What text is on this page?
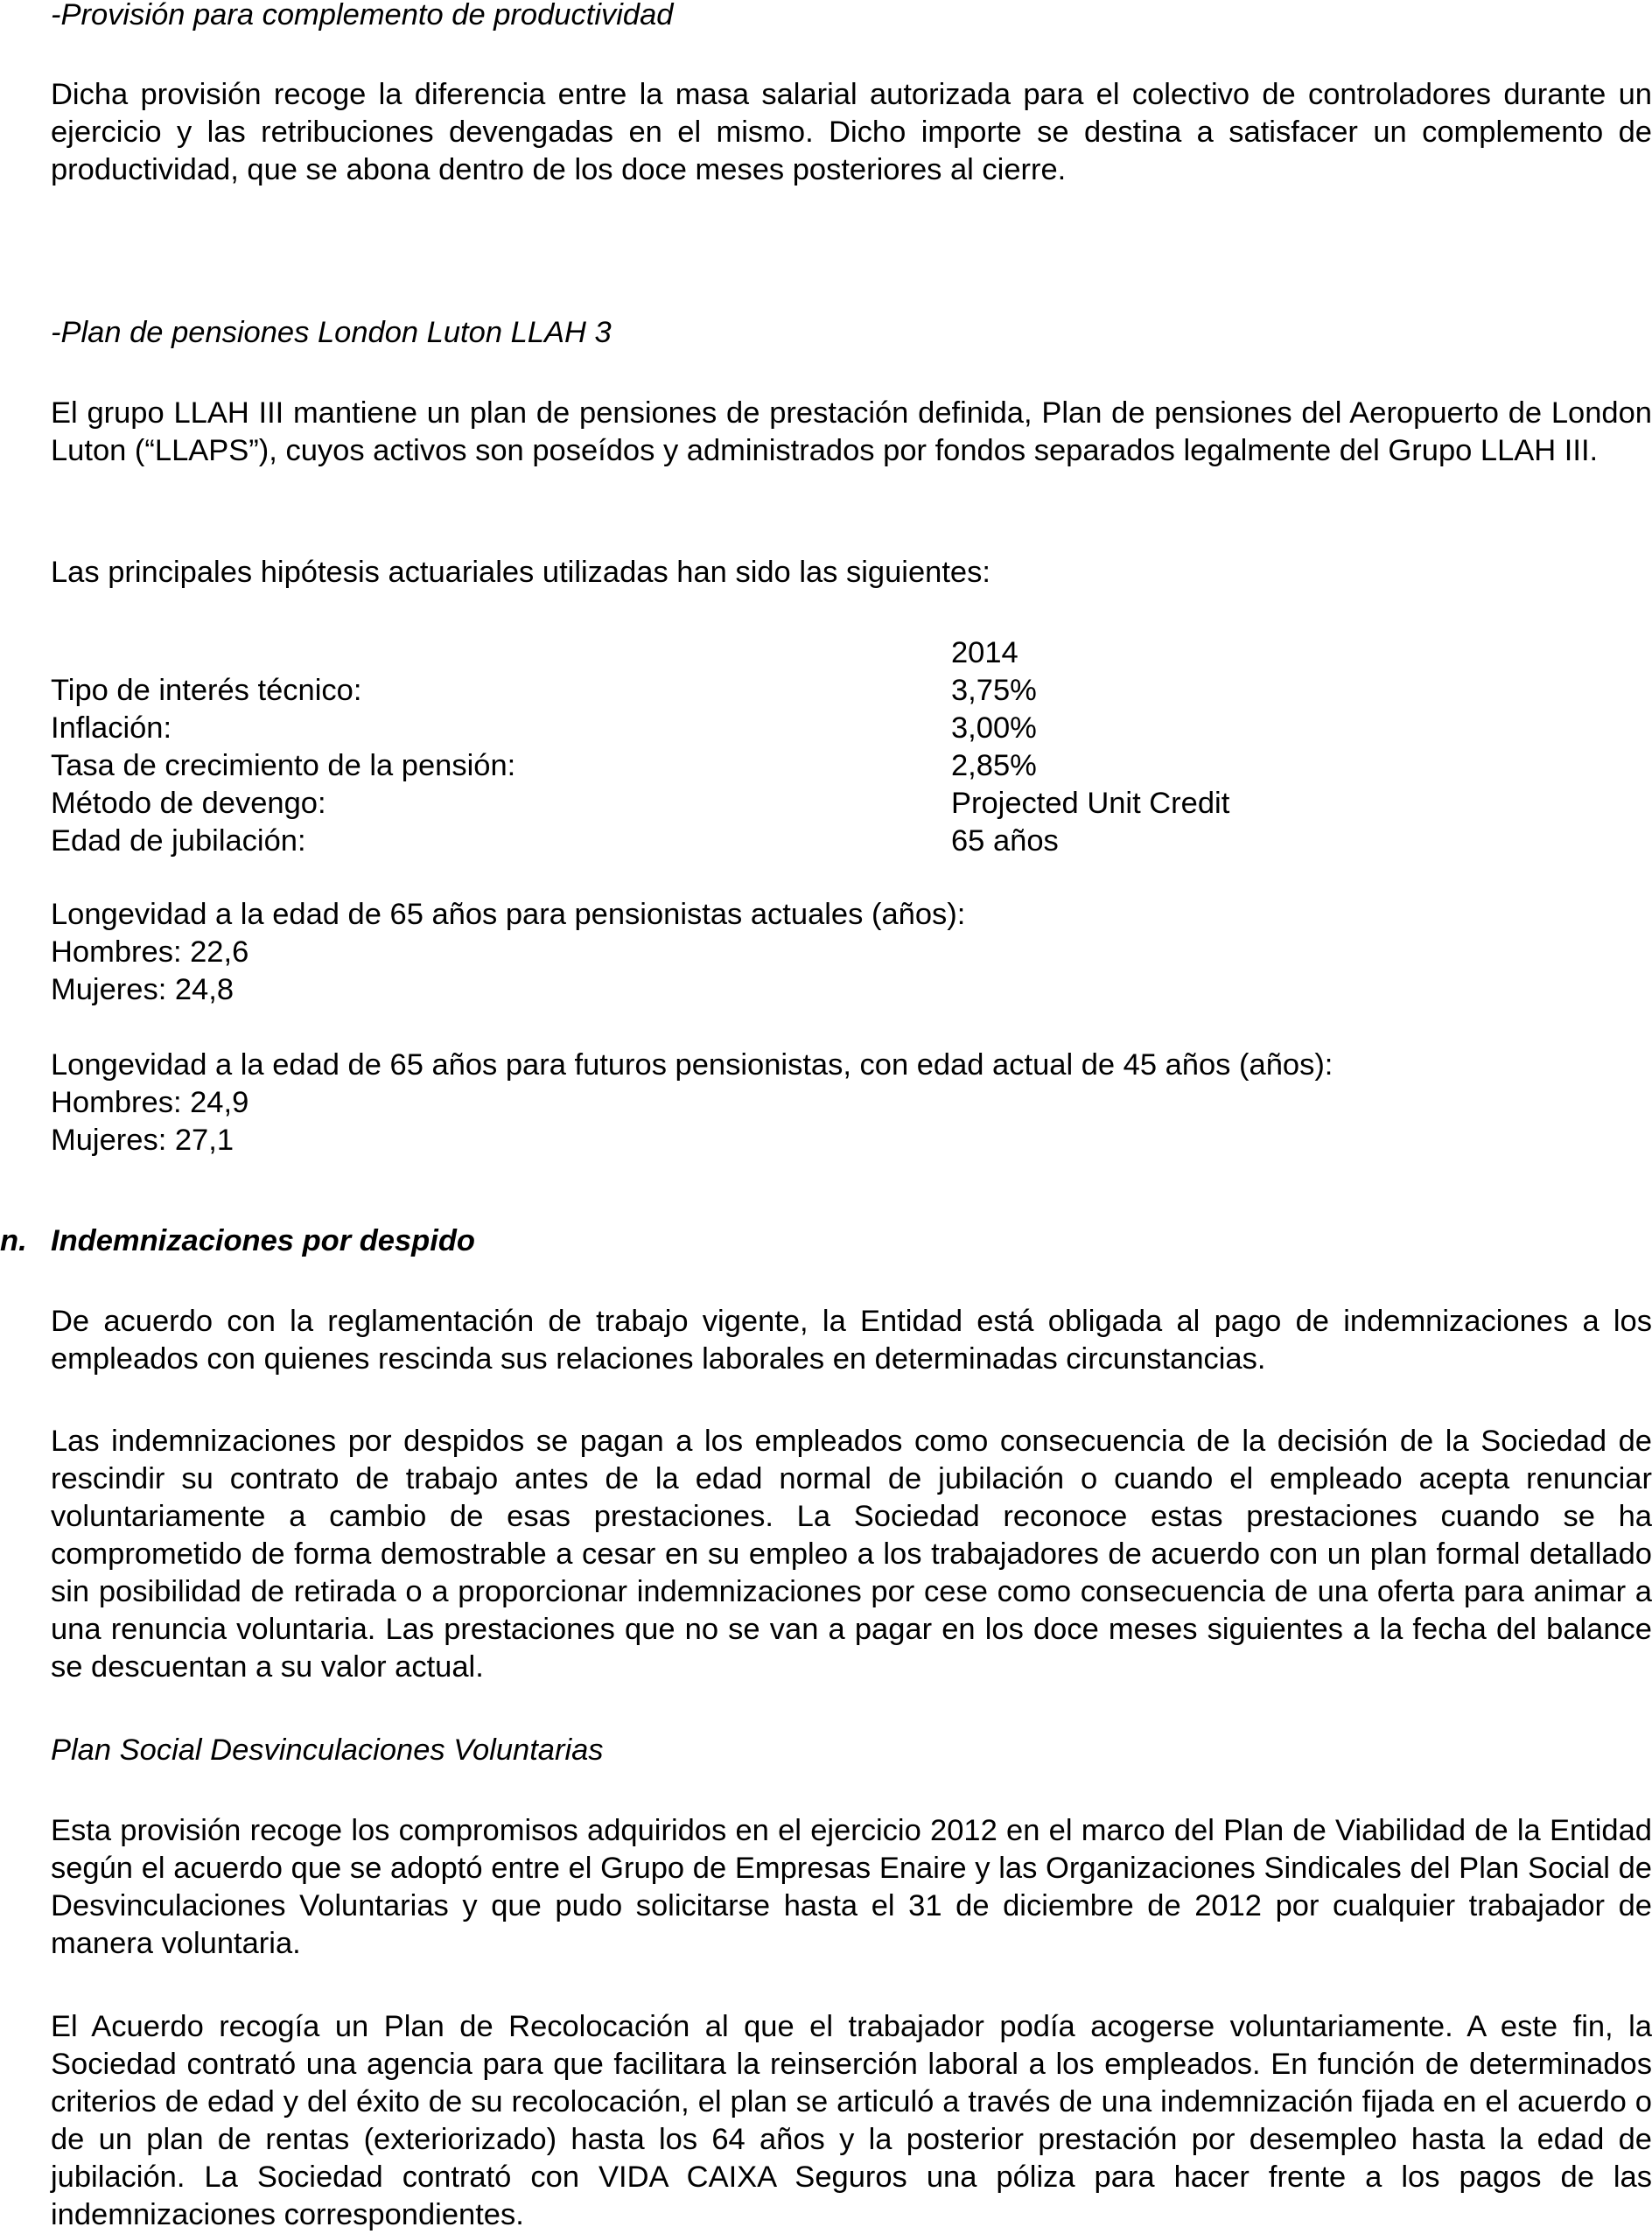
-Provisión para complemento de productividad

Dicha provisión recoge la diferencia entre la masa salarial autorizada para el colectivo de controladores durante un ejercicio y las retribuciones devengadas en el mismo. Dicho importe se destina a satisfacer un complemento de productividad, que se abona dentro de los doce meses posteriores al cierre.

-Plan de pensiones London Luton LLAH 3

El grupo LLAH III mantiene un plan de pensiones de prestación definida, Plan de pensiones del Aeropuerto de London Luton (“LLAPS”), cuyos activos son poseídos y administrados por fondos separados legalmente del Grupo LLAH III.

Las principales hipótesis actuariales utilizadas han sido las siguientes:

2014
Tipo de interés técnico:	3,75%
Inflación:	3,00%
Tasa de crecimiento de la pensión:	2,85%
Método de devengo:	Projected Unit Credit
Edad de jubilación:	65 años
Longevidad a la edad de 65 años para pensionistas actuales (años):
Hombres: 22,6
Mujeres: 24,8
Longevidad a la edad de 65 años para futuros pensionistas, con edad actual de 45 años (años):
Hombres: 24,9
Mujeres: 27,1
n. Indemnizaciones por despido

De acuerdo con la reglamentación de trabajo vigente, la Entidad está obligada al pago de indemnizaciones a los empleados con quienes rescinda sus relaciones laborales en determinadas circunstancias.

Las indemnizaciones por despidos se pagan a los empleados como consecuencia de la decisión de la Sociedad de rescindir su contrato de trabajo antes de la edad normal de jubilación o cuando el empleado acepta renunciar voluntariamente a cambio de esas prestaciones. La Sociedad reconoce estas prestaciones cuando se ha comprometido de forma demostrable a cesar en su empleo a los trabajadores de acuerdo con un plan formal detallado sin posibilidad de retirada o a proporcionar indemnizaciones por cese como consecuencia de una oferta para animar a una renuncia voluntaria. Las prestaciones que no se van a pagar en los doce meses siguientes a la fecha del balance se descuentan a su valor actual.

Plan Social Desvinculaciones Voluntarias

Esta provisión recoge los compromisos adquiridos en el ejercicio 2012 en el marco del Plan de Viabilidad de la Entidad según el acuerdo que se adoptó entre el Grupo de Empresas Enaire y las Organizaciones Sindicales del Plan Social de Desvinculaciones Voluntarias y que pudo solicitarse hasta el 31 de diciembre de 2012 por cualquier trabajador de manera voluntaria.

El Acuerdo recogía un Plan de Recolocación al que el trabajador podía acogerse voluntariamente. A este fin, la Sociedad contrató una agencia para que facilitara la reinserción laboral a los empleados. En función de determinados criterios de edad y del éxito de su recolocación, el plan se articuló a través de una indemnización fijada en el acuerdo o de un plan de rentas (exteriorizado) hasta los 64 años y la posterior prestación por desempleo hasta la edad de jubilación. La Sociedad contrató con VIDA CAIXA Seguros una póliza para hacer frente a los pagos de las indemnizaciones correspondientes.
